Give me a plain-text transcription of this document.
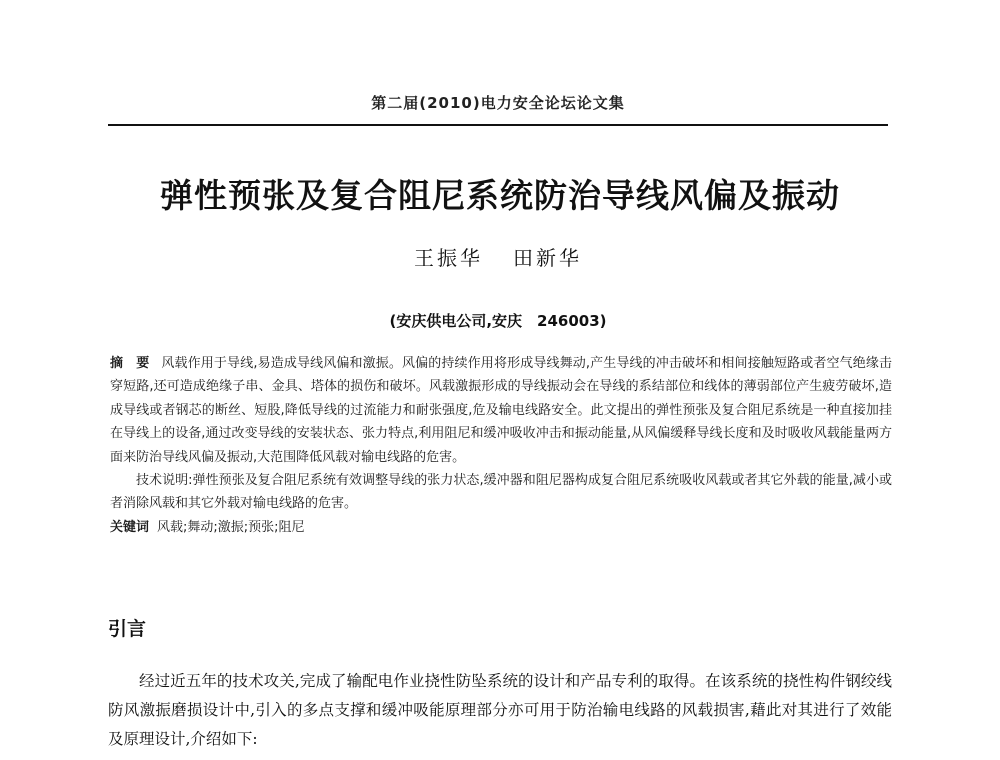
第二届(2010)电力安全论坛论文集
弹性预张及复合阻尼系统防治导线风偏及振动
王振华 田新华
(安庆供电公司,安庆　246003)

摘　要 风载作用于导线,易造成导线风偏和激振。风偏的持续作用将形成导线舞动,产生导线的冲击破坏和相间接触短路或者空气绝缘击穿短路,还可造成绝缘子串、金具、塔体的损伤和破坏。风载激振形成的导线振动会在导线的系结部位和线体的薄弱部位产生疲劳破坏,造成导线或者钢芯的断丝、短股,降低导线的过流能力和耐张强度,危及输电线路安全。此文提出的弹性预张及复合阻尼系统是一种直接加挂在导线上的设备,通过改变导线的安装状态、张力特点,利用阻尼和缓冲吸收冲击和振动能量,从风偏缓释导线长度和及时吸收风载能量两方面来防治导线风偏及振动,大范围降低风载对输电线路的危害。

技术说明:弹性预张及复合阻尼系统有效调整导线的张力状态,缓冲器和阻尼器构成复合阻尼系统吸收风载或者其它外载的能量,减小或者消除风载和其它外载对输电线路的危害。

关键词 风载;舞动;激振;预张;阻尼

引言

经过近五年的技术攻关,完成了输配电作业挠性防坠系统的设计和产品专利的取得。在该系统的挠性构件钢绞线防风激振磨损设计中,引入的多点支撑和缓冲吸能原理部分亦可用于防治输电线路的风载损害,藉此对其进行了效能及原理设计,介绍如下:
